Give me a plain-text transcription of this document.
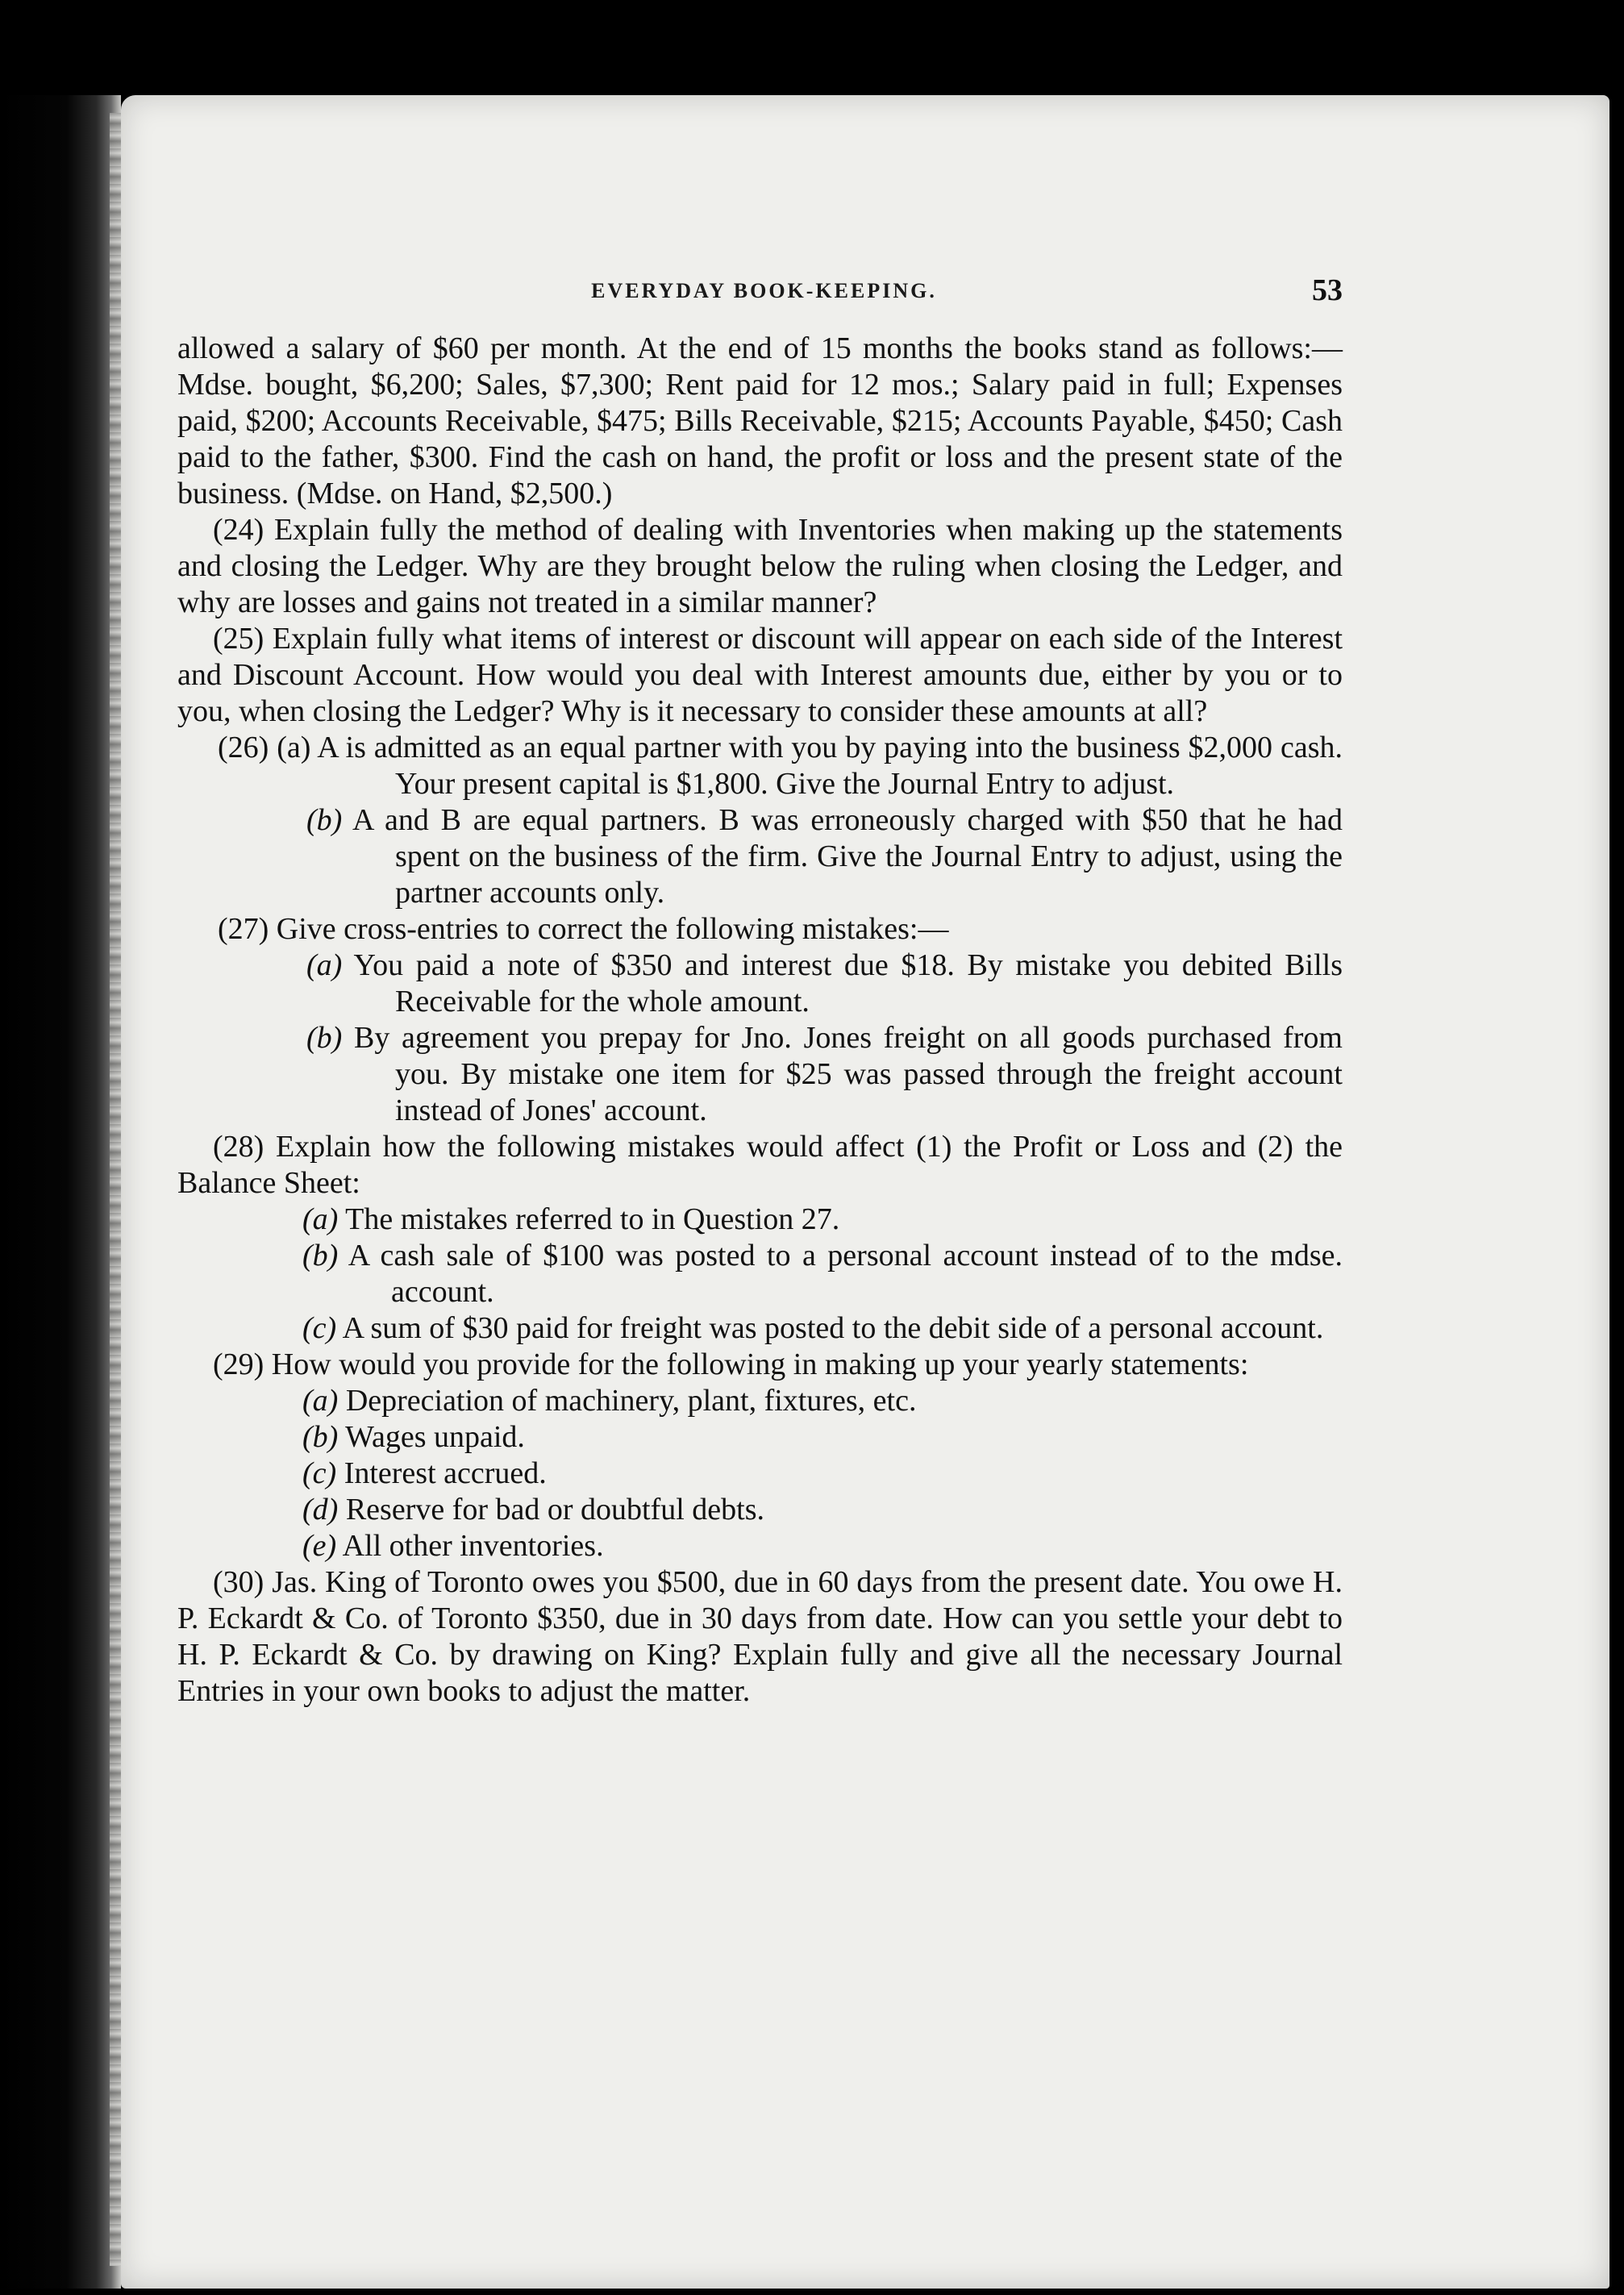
EVERYDAY BOOK-KEEPING.	53

allowed a salary of $60 per month. At the end of 15 months the books stand as follows:—Mdse. bought, $6,200; Sales, $7,300; Rent paid for 12 mos.; Salary paid in full; Expenses paid, $200; Accounts Receivable, $475; Bills Receivable, $215; Accounts Payable, $450; Cash paid to the father, $300. Find the cash on hand, the profit or loss and the present state of the business. (Mdse. on Hand, $2,500.)

(24) Explain fully the method of dealing with Inventories when making up the statements and closing the Ledger. Why are they brought below the ruling when closing the Ledger, and why are losses and gains not treated in a similar manner?

(25) Explain fully what items of interest or discount will appear on each side of the Interest and Discount Account. How would you deal with Interest amounts due, either by you or to you, when closing the Ledger? Why is it necessary to consider these amounts at all?

(26) (a) A is admitted as an equal partner with you by paying into the business $2,000 cash. Your present capital is $1,800. Give the Journal Entry to adjust.

(b) A and B are equal partners. B was erroneously charged with $50 that he had spent on the business of the firm. Give the Journal Entry to adjust, using the partner accounts only.

(27) Give cross-entries to correct the following mistakes:—

(a) You paid a note of $350 and interest due $18. By mistake you debited Bills Receivable for the whole amount.

(b) By agreement you prepay for Jno. Jones freight on all goods purchased from you. By mistake one item for $25 was passed through the freight account instead of Jones' account.

(28) Explain how the following mistakes would affect (1) the Profit or Loss and (2) the Balance Sheet:

(a) The mistakes referred to in Question 27.

(b) A cash sale of $100 was posted to a personal account instead of to the mdse. account.

(c) A sum of $30 paid for freight was posted to the debit side of a personal account.

(29) How would you provide for the following in making up your yearly statements:

(a) Depreciation of machinery, plant, fixtures, etc.

(b) Wages unpaid.

(c) Interest accrued.

(d) Reserve for bad or doubtful debts.

(e) All other inventories.

(30) Jas. King of Toronto owes you $500, due in 60 days from the present date. You owe H. P. Eckardt & Co. of Toronto $350, due in 30 days from date. How can you settle your debt to H. P. Eckardt & Co. by drawing on King? Explain fully and give all the necessary Journal Entries in your own books to adjust the matter.
